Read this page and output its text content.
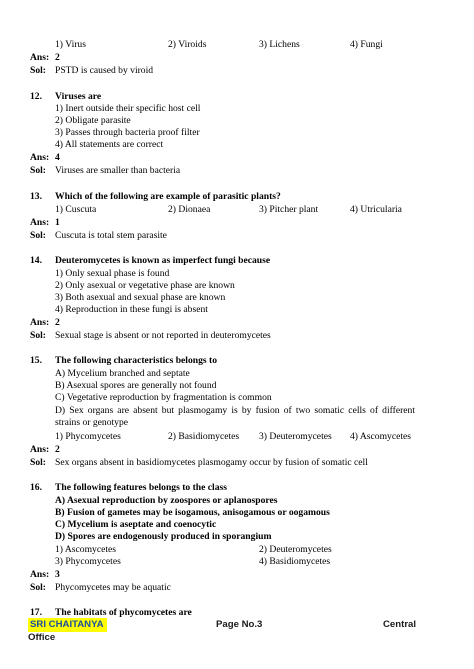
1) Virus	2) Viroids	3) Lichens	4) Fungi
Ans: 2
Sol: PSTD is caused by viroid
12. Viruses are
1) Inert outside their specific host cell
2) Obligate parasite
3) Passes through bacteria proof filter
4) All statements are correct
Ans: 4
Sol: Viruses are smaller than bacteria
13. Which of the following are example of parasitic plants?
1) Cuscuta	2) Dionaea	3) Pitcher plant	4) Utricularia
Ans: 1
Sol: Cuscuta is total stem parasite
14. Deuteromycetes is known as imperfect fungi because
1) Only sexual phase is found
2) Only asexual or vegetative phase are known
3) Both asexual and sexual phase are known
4) Reproduction in these fungi is absent
Ans: 2
Sol: Sexual stage is absent or not reported in deuteromycetes
15. The following characteristics belongs to
A) Mycelium branched and septate
B) Asexual spores are generally not found
C) Vegetative reproduction by fragmentation is common
D) Sex organs are absent but plasmogamy is by fusion of two somatic cells of different strains or genotype
1) Phycomycetes	2) Basidiomycetes 3) Deuteromycetes 4) Ascomycetes
Ans: 2
Sol: Sex organs absent in basidiomycetes plasmogamy occur by fusion of somatic cell
16. The following features belongs to the class
A) Asexual reproduction by zoospores or aplanospores
B) Fusion of gametes may be isogamous, anisogamous or oogamous
C) Mycelium is aseptate and coenocytic
D) Spores are endogenously produced in sporangium
1) Ascomycetes	2) Deuteromycetes
3) Phycomycetes	4) Basidiomycetes
Ans: 3
Sol: Phycomycetes may be aquatic
17. The habitats of phycomycetes are
SRI CHAITANYA	Page No.3	Central
Office
